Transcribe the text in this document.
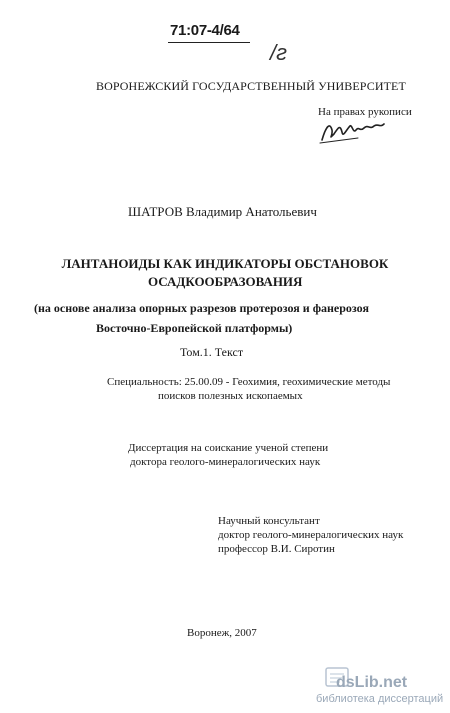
71:07-4/64
/г
ВОРОНЕЖСКИЙ ГОСУДАРСТВЕННЫЙ УНИВЕРСИТЕТ
На правах рукописи
ШАТРОВ Владимир Анатольевич
ЛАНТАНОИДЫ КАК ИНДИКАТОРЫ ОБСТАНОВОК
ОСАДКООБРАЗОВАНИЯ
(на основе анализа опорных разрезов протерозоя и фанерозоя
Восточно-Европейской платформы)
Том.1. Текст
Специальность: 25.00.09 - Геохимия, геохимические методы
поисков полезных ископаемых
Диссертация на соискание ученой степени
доктора геолого-минералогических наук
Научный консультант
доктор геолого-минералогических наук
профессор В.И. Сиротин
Воронеж, 2007
dsLib.net
библиотека диссертаций
